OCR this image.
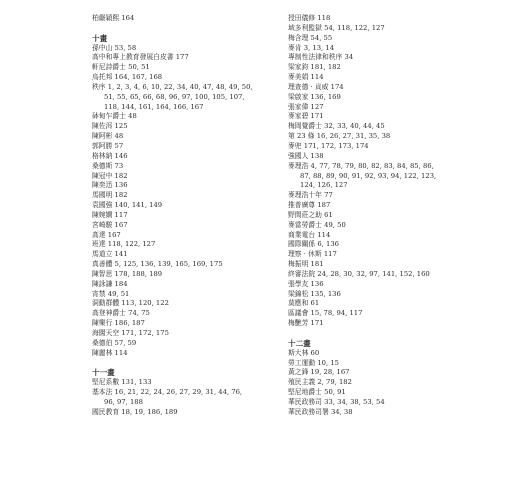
柏嚴穎熙 164
十畫
孫中山 53, 58
高中和專上教育發展白皮書 177
軒尼詩爵士 50, 51
烏托邦 164, 167, 168
秩序 1, 2, 3, 4, 6, 10, 22, 34, 40, 47, 48, 49, 50,
51, 55, 65, 66, 68, 96, 97, 100, 105, 107,
118, 144, 161, 164, 166, 167
砵甸乍爵士 48
陳佐洱 125
陳阿彬 48
郭阿勝 57
格林納 146
桑德斯 73
陳冠中 182
陳奕迅 136
馬國明 182
袁國強 140, 141, 149
陳婉嫻 117
宮崎駿 167
高達 167
班達 118, 122, 127
馬道立 141
真善體 5, 125, 136, 139, 165, 169, 175
陳智思 178, 188, 189
陳詠謙 184
宵禁 49, 51
洞動群體 113, 120, 122
高登神爵士 74, 75
陳樂行 186, 187
海闊天空 171, 172, 175
桑德伯 57, 59
陳麗林 114
十一畫
堅尼系數 131, 133
基本法 16, 21, 22, 24, 26, 27, 29, 31, 44, 76,
96, 97, 188
國民教育 18, 19, 186, 189
授田儀修 118
域多利監獄 54, 118, 122, 127
梅含理 54, 55
麥肯 3, 13, 14
專制性法律和秩序 34
梁家鈞 181, 182
麥美娟 114
理查德 · 貢威 174
梁啟家 136, 169
張家偉 127
麥家碧 171
梅岡覺爵士 32, 33, 40, 44, 45
第 23 條 16, 26, 27, 31, 35, 38
麥兜 171, 172, 173, 174
強國人 138
麥理浩 4, 77, 78, 79, 80, 82, 83, 84, 85, 86,
87, 88, 89, 90, 91, 92, 93, 94, 122, 123,
124, 126, 127
麥理浩十年 77
推普廣尊 187
野間莊之助 61
麥當勞爵士 49, 50
商業電台 114
國際關係 6, 136
理察 · 休斯 117
梅振明 181
終審法院 24, 28, 30, 32, 97, 141, 152, 160
張學友 136
梁錦松 135, 136
莫應和 61
區議會 15, 78, 94, 117
梅艷芳 171
十二畫
斯大林 60
勞工運動 10, 15
黃之鋒 19, 28, 167
殖民主義 2, 79, 182
堅尼地爵士 50, 91
華民政務司 33, 34, 38, 53, 54
華民政務司署 34, 38
